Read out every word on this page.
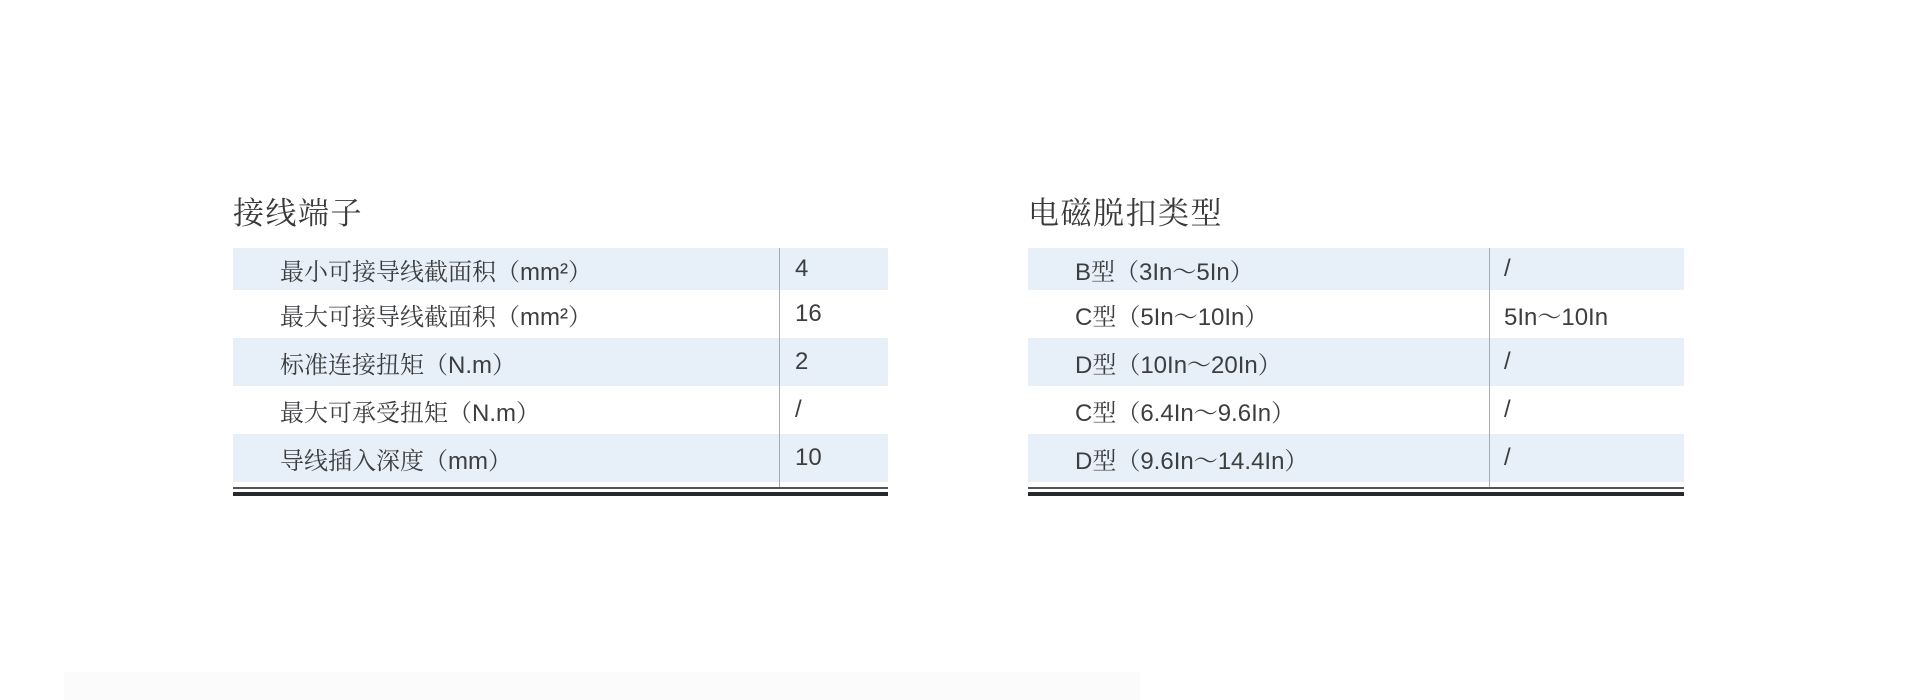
接线端子
最小可接导线截面积（mm²）	4
最大可接导线截面积（mm²）	16
标准连接扭矩（N.m）	2
最大可承受扭矩（N.m）	/
导线插入深度（mm）	10
电磁脱扣类型
B型（3In～5In）	/
C型（5In～10In）	5In～10In
D型（10In～20In）	/
C型（6.4In～9.6In）	/
D型（9.6In～14.4In）	/
